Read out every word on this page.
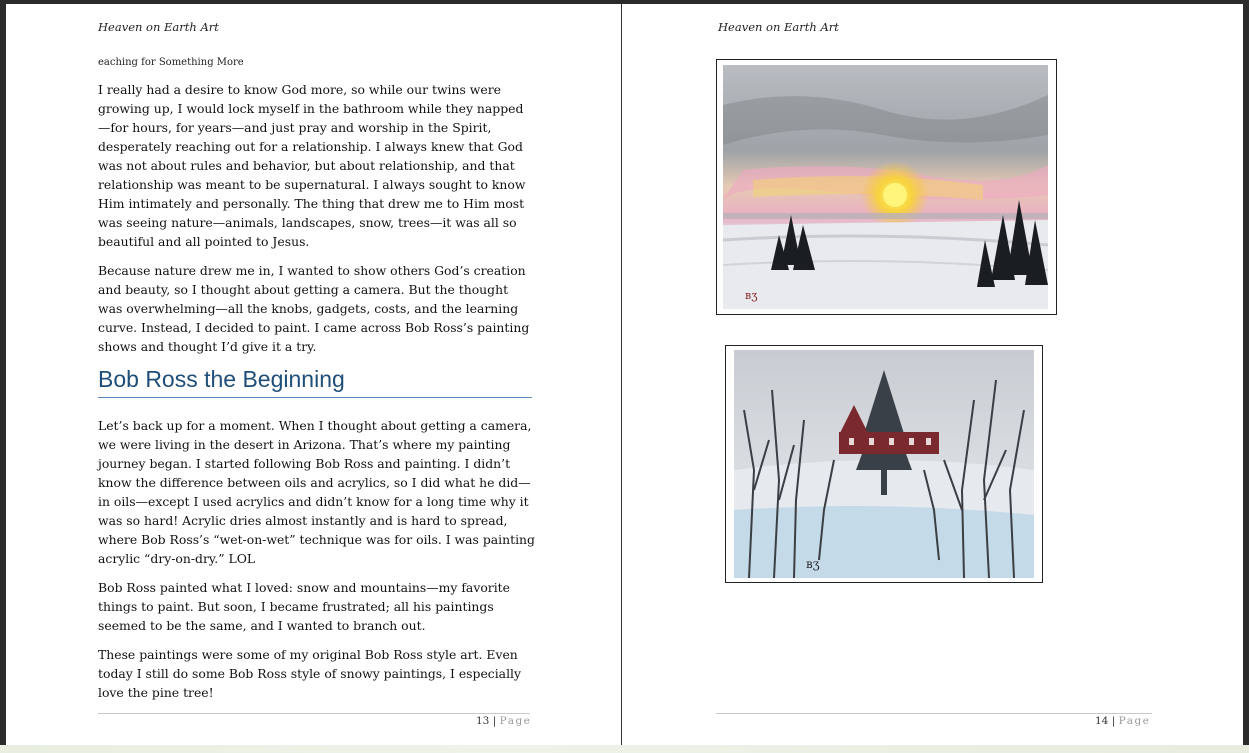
Heaven on Earth Art
eaching for Something More

I really had a desire to know God more, so while our twins were growing up, I would lock myself in the bathroom while they napped—for hours, for years—and just pray and worship in the Spirit, desperately reaching out for a relationship. I always knew that God was not about rules and behavior, but about relationship, and that relationship was meant to be supernatural. I always sought to know Him intimately and personally. The thing that drew me to Him most was seeing nature—animals, landscapes, snow, trees—it was all so beautiful and all pointed to Jesus.

Because nature drew me in, I wanted to show others God’s creation and beauty, so I thought about getting a camera. But the thought was overwhelming—all the knobs, gadgets, costs, and the learning curve. Instead, I decided to paint. I came across Bob Ross’s painting shows and thought I’d give it a try.

Bob Ross the Beginning

Let’s back up for a moment. When I thought about getting a camera, we were living in the desert in Arizona. That’s where my painting journey began. I started following Bob Ross and painting. I didn’t know the difference between oils and acrylics, so I did what he did—in oils—except I used acrylics and didn’t know for a long time why it was so hard! Acrylic dries almost instantly and is hard to spread, where Bob Ross’s “wet-on-wet” technique was for oils. I was painting acrylic “dry-on-dry.” LOL

Bob Ross painted what I loved: snow and mountains—my favorite things to paint. But soon, I became frustrated; all his paintings seemed to be the same, and I wanted to branch out.

These paintings were some of my original Bob Ross style art. Even today I still do some Bob Ross style of snowy paintings, I especially love the pine tree!

13 | Page
Heaven on Earth Art
ʙʒ
ʙʒ
14 | Page
